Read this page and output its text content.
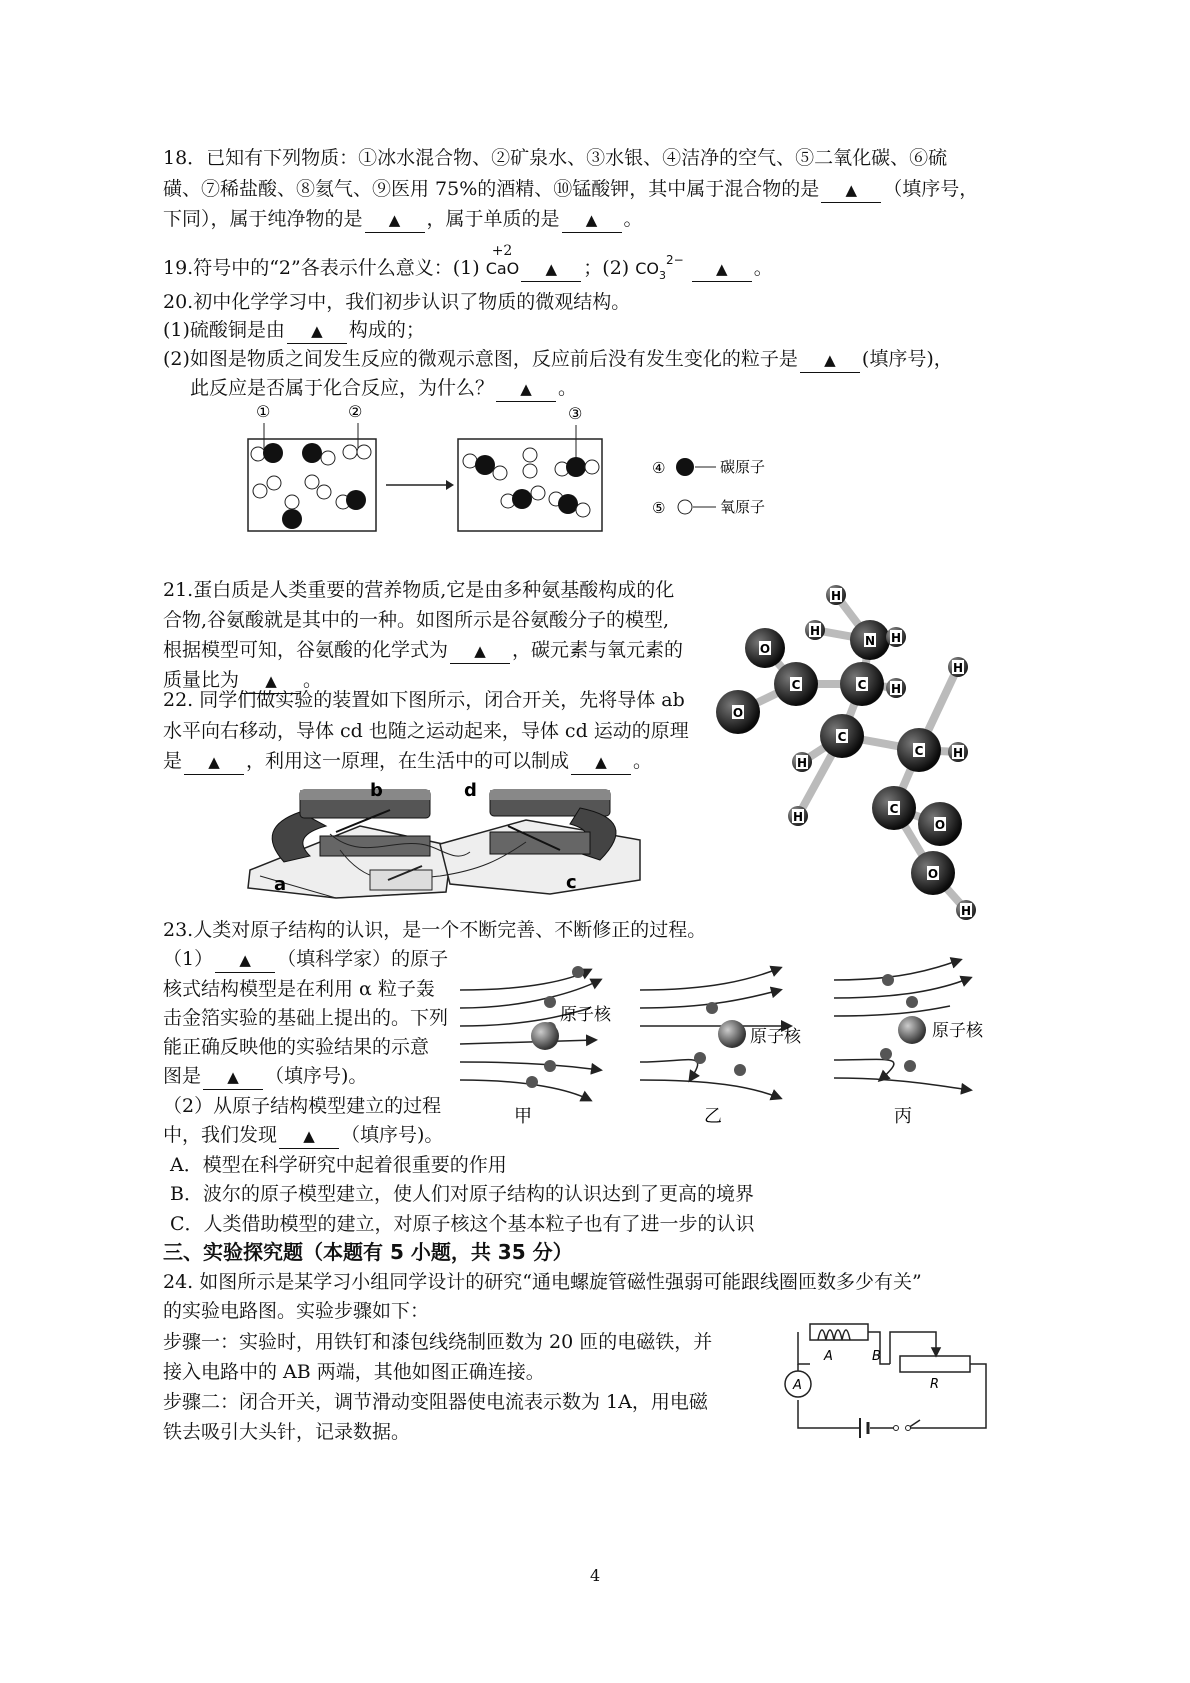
18．已知有下列物质：①冰水混合物、②矿泉水、③水银、④洁净的空气、⑤二氧化碳、⑥硫
磺、⑦稀盐酸、⑧氦气、⑨医用 75%的酒精、⑩锰酸钾，其中属于混合物的是 ▲ （填序号，
下同），属于纯净物的是 ▲ ，属于单质的是 ▲ 。
19.符号中的“2”各表示什么意义：(1)
+2
CaO ▲ ；(2) $CO_3^{2-}$ ▲ 。
20.初中化学学习中，我们初步认识了物质的微观结构。
(1)硫酸铜是由 ▲ 构成的；
(2)如图是物质之间发生反应的微观示意图，反应前后没有发生变化的粒子是 ▲ (填序号)，
此反应是否属于化合反应，为什么？ ▲ 。
①	②	③
④	碳原子
⑤	氧原子
21.蛋白质是人类重要的营养物质,它是由多种氨基酸构成的化
合物,谷氨酸就是其中的一种。如图所示是谷氨酸分子的模型,
根据模型可知，谷氨酸的化学式为 ▲ ，碳元素与氧元素的
质量比为 ▲ 。
H
N
H	H
O
C	C H
O
H
C
H
H
C H
C
O
O
H
22. 同学们做实验的装置如下图所示，闭合开关，先将导体 ab
水平向右移动，导体 cd 也随之运动起来，导体 cd 运动的原理
是 ▲ ，利用这一原理，在生活中的可以制成 ▲ 。
b
a
d
c
23.人类对原子结构的认识，是一个不断完善、不断修正的过程。
（1） ▲ （填科学家）的原子
核式结构模型是在利用 α 粒子轰
击金箔实验的基础上提出的。下列
能正确反映他的实验结果的示意
图是 ▲ （填序号)。
（2）从原子结构模型建立的过程
中，我们发现 ▲ （填序号)。
A．模型在科学研究中起着很重要的作用
B．波尔的原子模型建立，使人们对原子结构的认识达到了更高的境界
C．人类借助模型的建立，对原子核这个基本粒子也有了进一步的认识
原子核
甲
原子核
乙
原子核
丙
三、实验探究题（本题有 5 小题，共 35 分）
24. 如图所示是某学习小组同学设计的研究“通电螺旋管磁性强弱可能跟线圈匝数多少有关”
的实验电路图。实验步骤如下：
步骤一：实验时，用铁钉和漆包线绕制匝数为 20 匝的电磁铁，并
接入电路中的 AB 两端，其他如图正确连接。
步骤二：闭合开关，调节滑动变阻器使电流表示数为 1A，用电磁
铁去吸引大头针，记录数据。
A
A	B
R
4
